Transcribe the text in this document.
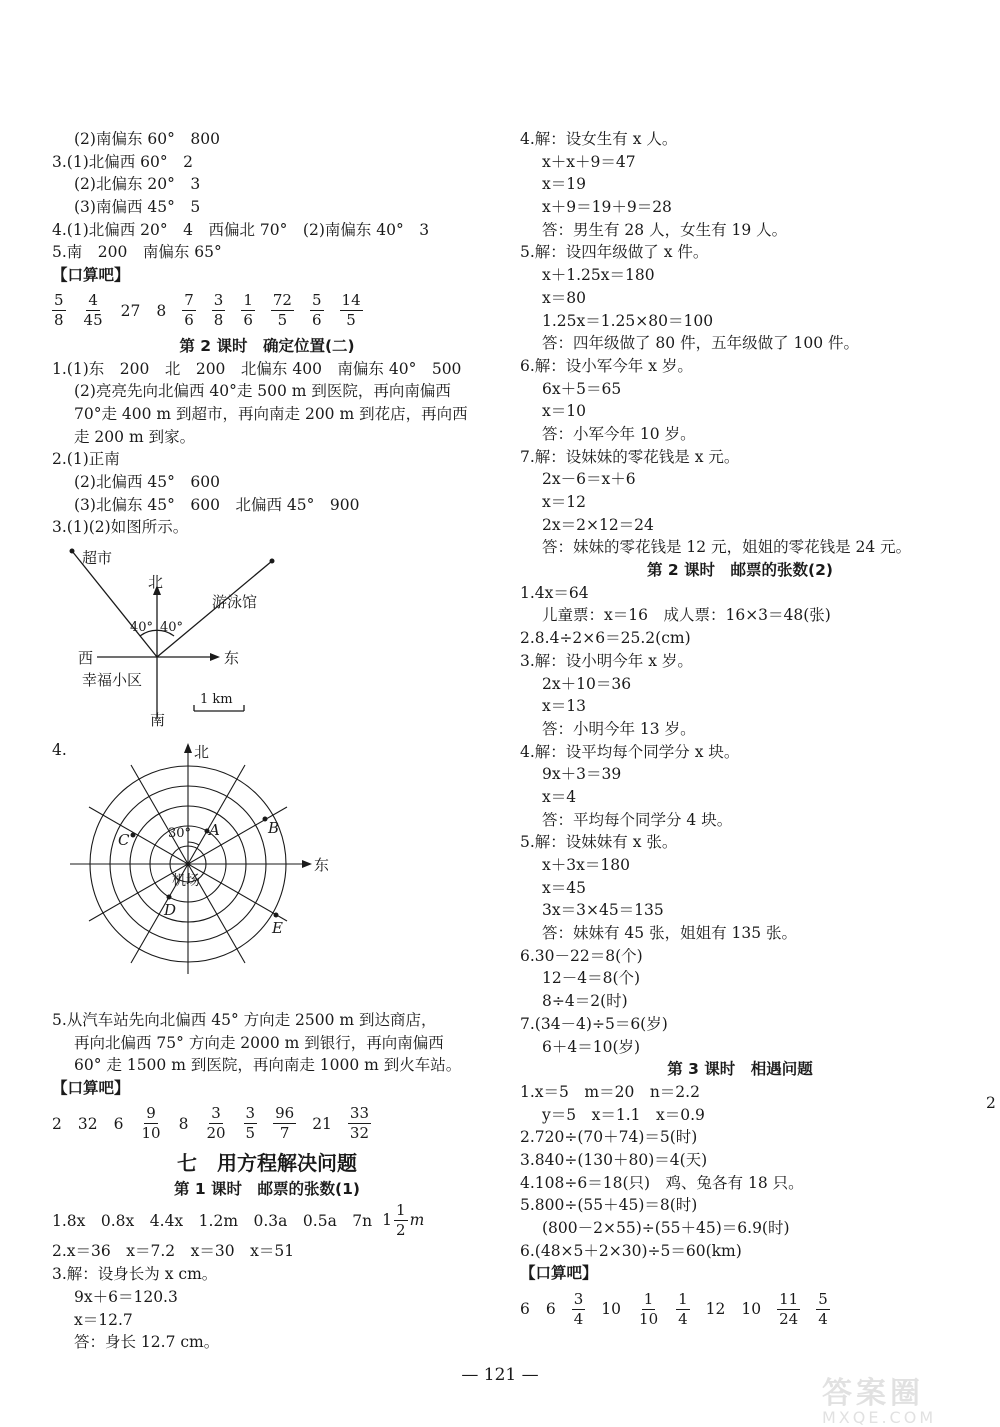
(2)南偏东 60°　800
3.(1)北偏西 60°　2
(2)北偏东 20°　3
(3)南偏西 45°　5
4.(1)北偏西 20°　4　西偏北 70°　(2)南偏东 40°　3
5.南　200　南偏东 65°
【口算吧】
$\frac{5}{8} \frac{4}{45} 27$ $8 \frac{7}{6} \frac{3}{8} \frac{1}{6} \frac{72}{5} \frac{5}{6} \frac{14}{5}$
第 2 课时　确定位置(二)
1.(1)东　200　北　200　北偏东 400　南偏东 40°　500
(2)亮亮先向北偏西 40°走 500 m 到医院，再向南偏西
70°走 400 m 到超市，再向南走 200 m 到花店，再向西
走 200 m 到家。
2.(1)正南
(2)北偏西 45°　600
(3)北偏东 45°　600　北偏西 45°　900
3.(1)(2)如图所示。
超市
北
游泳馆
40° 40°
西	东
幸福小区
南
1 km
4.	北
东
30°
机场
A	B
C
D
E
5.从汽车站先向北偏西 45° 方向走 2500 m 到达商店，
再向北偏西 75° 方向走 2000 m 到银行，再向南偏西
60° 走 1500 m 到医院，再向南走 1000 m 到火车站。
【口算吧】
2 32 $6 \frac{9}{10} 8 \frac{3}{20} \frac{3}{5} \frac{96}{7} 21 \frac{33}{32}$
七　用方程解决问题
第 1 课时　邮票的张数(1)
1.8x　0.8x　4.4x　1.2m　0.3a　0.5a　7n $1 \frac{1}{2}$ m
2.x＝36　x＝7.2　x＝30　x＝51
3.解：设身长为 x cm。
9x＋6＝120.3
x＝12.7
答：身长 12.7 cm。
4.解：设女生有 x 人。
x＋x＋9＝47
x＝19
x＋9＝19＋9＝28
答：男生有 28 人，女生有 19 人。
5.解：设四年级做了 x 件。
x＋1.25x＝180
x＝80
1.25x＝1.25×80＝100
答：四年级做了 80 件，五年级做了 100 件。
6.解：设小军今年 x 岁。
6x＋5＝65
x＝10
答：小军今年 10 岁。
7.解：设妹妹的零花钱是 x 元。
2x－6＝x＋6
x＝12
2x＝2×12＝24
答：妹妹的零花钱是 12 元，姐姐的零花钱是 24 元。
第 2 课时　邮票的张数(2)
1.4x＝64
儿童票：x＝16　成人票：16×3＝48(张)
2.8.4÷2×6＝25.2(cm)
3.解：设小明今年 x 岁。
2x＋10＝36
x＝13
答：小明今年 13 岁。
4.解：设平均每个同学分 x 块。
9x＋3＝39
x＝4
答：平均每个同学分 4 块。
5.解：设妹妹有 x 张。
x＋3x＝180
x＝45
3x＝3×45＝135
答：妹妹有 45 张，姐姐有 135 张。
6.30－22＝8(个)
12－4＝8(个)
8÷4＝2(时)
7.(34－4)÷5＝6(岁)
6＋4＝10(岁)
第 3 课时　相遇问题
1.x＝5　m＝20　n＝2.2
y＝5　x＝1.1　x＝0.9
2.720÷(70＋74)＝5(时)
3.840÷(130＋80)＝4(天)
4.108÷6＝18(只)　鸡、兔各有 18 只。
5.800÷(55＋45)＝8(时)
(800－2×55)÷(55＋45)＝6.9(时)
6.(48×5＋2×30)÷5＝60(km)
【口算吧】
6 $6 \frac{3}{4} 10 \frac{1}{10} \frac{1}{4} 12$ $10 \frac{11}{24} \frac{5}{4}$
2
— 121 —
答案圈
MXQE.COM
